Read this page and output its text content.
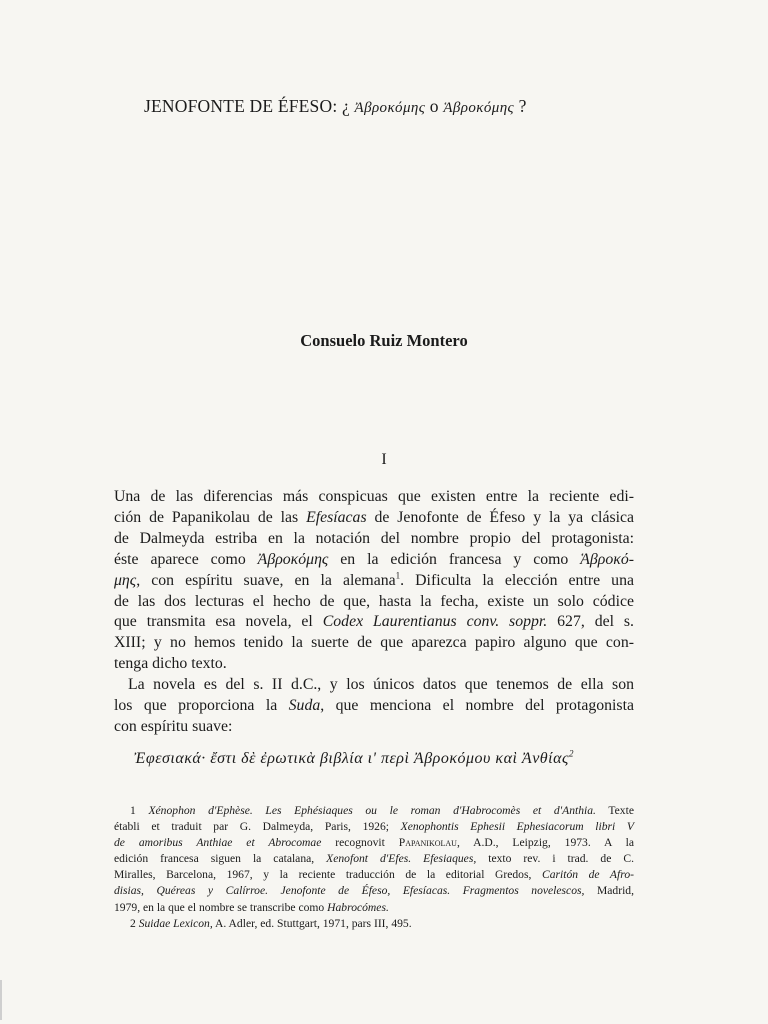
JENOFONTE DE ÉFESO: ¿ Ἀβροκόμης o Ἁβροκόμης ?
Consuelo Ruiz Montero
I
Una de las diferencias más conspicuas que existen entre la reciente edi-
ción de Papanikolau de las Efesíacas de Jenofonte de Éfeso y la ya clásica
de Dalmeyda estriba en la notación del nombre propio del protagonista:
éste aparece como Ἀβροκόμης en la edición francesa y como Ἁβροκό-
μης, con espíritu suave, en la alemana$^1$. Dificulta la elección entre una
de las dos lecturas el hecho de que, hasta la fecha, existe un solo códice
que transmita esa novela, el Codex Laurentianus conv. soppr. 627, del s.
XIII; y no hemos tenido la suerte de que aparezca papiro alguno que con-
tenga dicho texto.
La novela es del s. II d.C., y los únicos datos que tenemos de ella son
los que proporciona la Suda, que menciona el nombre del protagonista
con espíritu suave:
Ἐφεσιακά· ἔστι δὲ ἐρωτικὰ βιβλία ι' περὶ Ἀβροκόμου καὶ Ἀνθίας$^2$
1 Xénophon d'Ephèse. Les Ephésiaques ou le roman d'Habrocomès et d'Anthia. Texte
établi et traduit par G. Dalmeyda, Paris, 1926; Xenophontis Ephesii Ephesiacorum libri V
de amoribus Anthiae et Abrocomae recognovit Papanikolau, A.D., Leipzig, 1973. A la
edición francesa siguen la catalana, Xenofont d'Efes. Efesiaques, texto rev. i trad. de C.
Miralles, Barcelona, 1967, y la reciente traducción de la editorial Gredos, Caritón de Afro-
disias, Quéreas y Calírroe. Jenofonte de Éfeso, Efesíacas. Fragmentos novelescos, Madrid,
1979, en la que el nombre se transcribe como Habrocómes.
2 Suidae Lexicon, A. Adler, ed. Stuttgart, 1971, pars III, 495.
